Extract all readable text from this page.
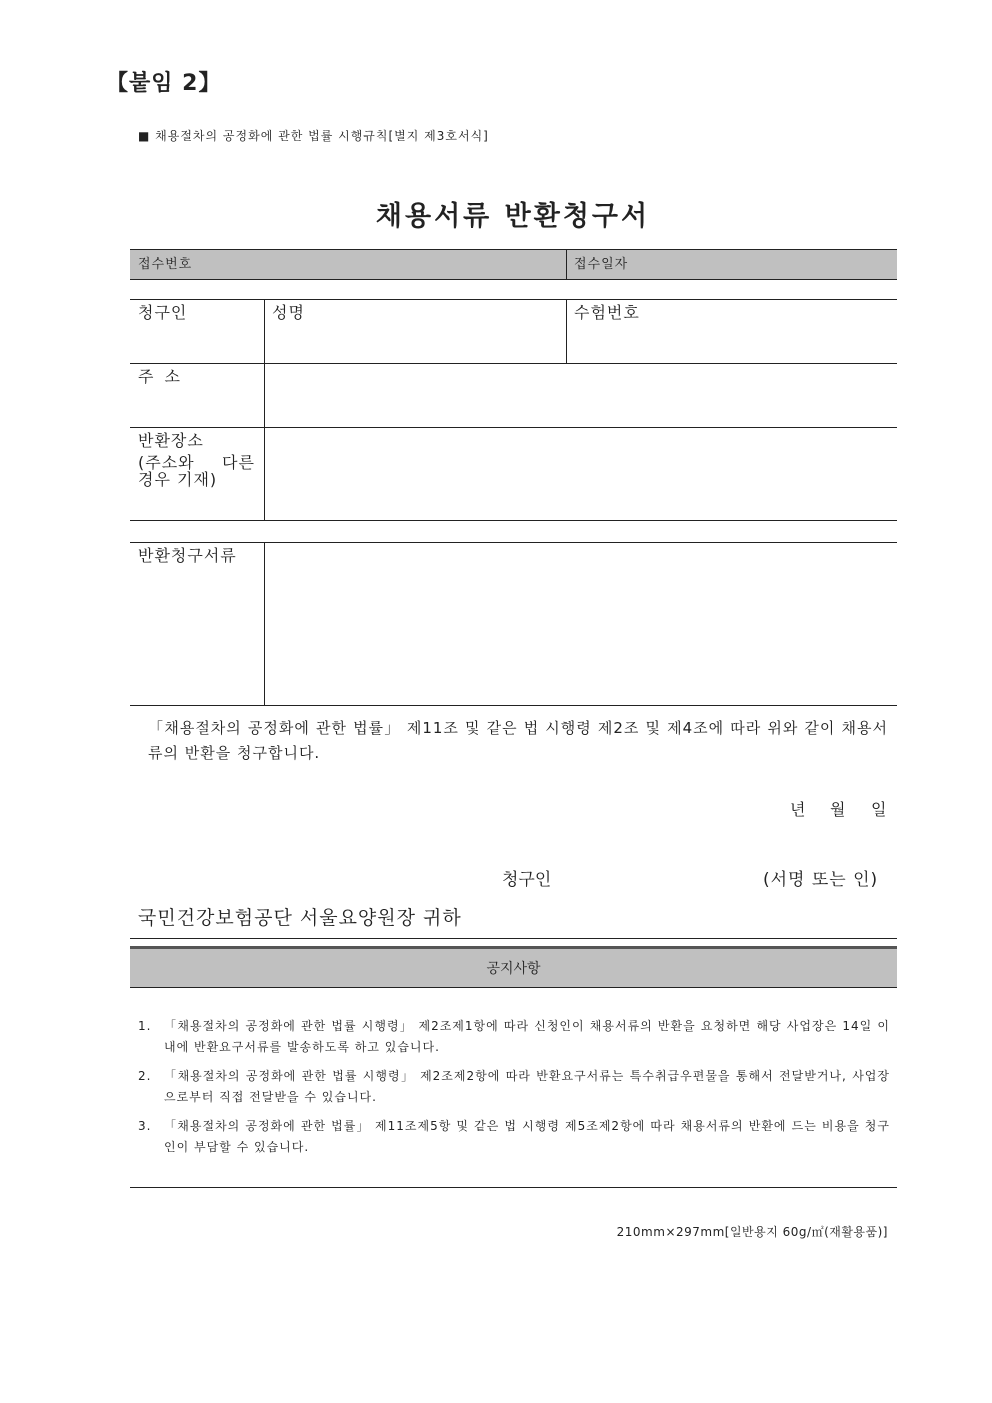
【붙임 2】
■ 채용절차의 공정화에 관한 법률 시행규칙[별지 제3호서식]
채용서류 반환청구서
접수번호	접수일자
청구인	성명	수험번호
주 소
반환장소
(주소와 다른
경우 기재)
반환청구서류
「채용절차의 공정화에 관한 법률」 제11조 및 같은 법 시행령 제2조 및 제4조에 따라 위와 같이 채용서류의 반환을 청구합니다.
년 월 일
청구인	(서명 또는 인)
국민건강보험공단 서울요양원장 귀하
공지사항
1.	「채용절차의 공정화에 관한 법률 시행령」 제2조제1항에 따라 신청인이 채용서류의 반환을 요청하면 해당 사업장은 14일 이내에 반환요구서류를 발송하도록 하고 있습니다.
2.	「채용절차의 공정화에 관한 법률 시행령」 제2조제2항에 따라 반환요구서류는 특수취급우편물을 통해서 전달받거나, 사업장으로부터 직접 전달받을 수 있습니다.
3.	「채용절차의 공정화에 관한 법률」 제11조제5항 및 같은 법 시행령 제5조제2항에 따라 채용서류의 반환에 드는 비용을 청구인이 부담할 수 있습니다.
210mm×297mm[일반용지 60g/㎡(재활용품)]
